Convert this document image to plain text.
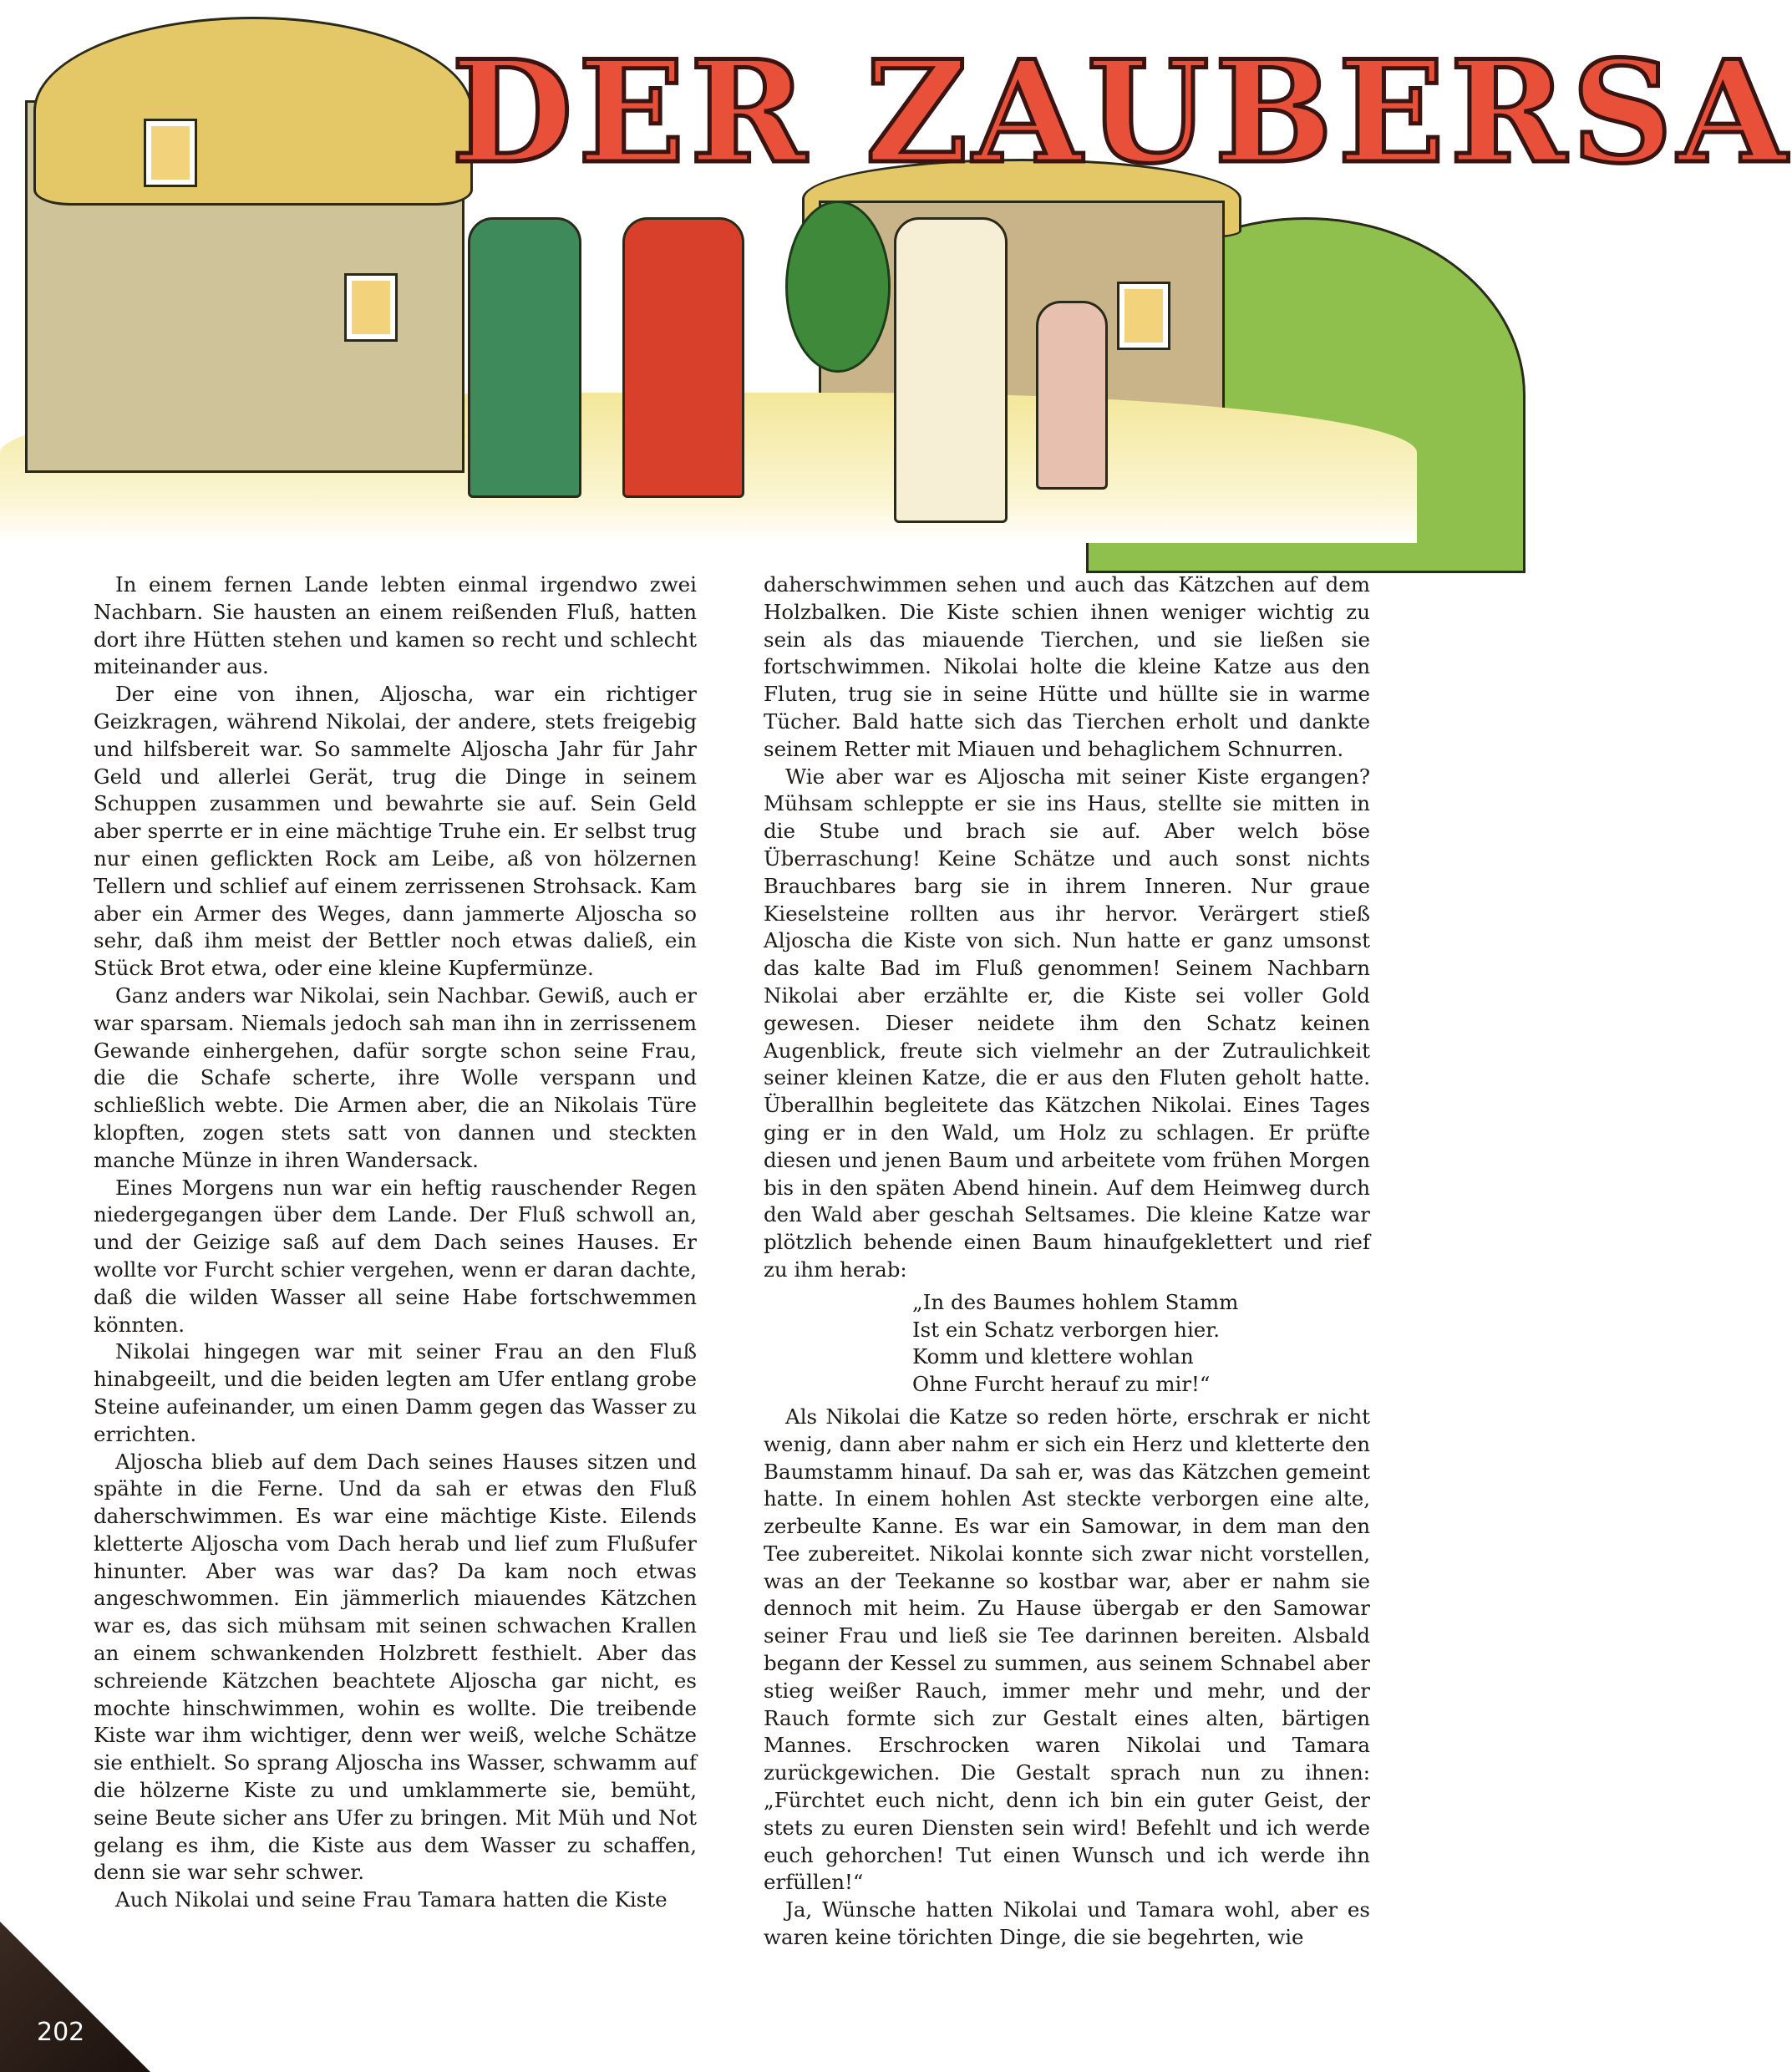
DER ZAUBERSA

In einem fernen Lande lebten einmal irgendwo zwei Nachbarn. Sie hausten an einem reißenden Fluß, hatten dort ihre Hütten stehen und kamen so recht und schlecht miteinander aus.

Der eine von ihnen, Aljoscha, war ein richtiger Geizkragen, während Nikolai, der andere, stets freigebig und hilfsbereit war. So sammelte Aljoscha Jahr für Jahr Geld und allerlei Gerät, trug die Dinge in seinem Schuppen zusammen und bewahrte sie auf. Sein Geld aber sperrte er in eine mächtige Truhe ein. Er selbst trug nur einen geflickten Rock am Leibe, aß von hölzernen Tellern und schlief auf einem zerrissenen Strohsack. Kam aber ein Armer des Weges, dann jammerte Aljoscha so sehr, daß ihm meist der Bettler noch etwas daließ, ein Stück Brot etwa, oder eine kleine Kupfermünze.

Ganz anders war Nikolai, sein Nachbar. Gewiß, auch er war sparsam. Niemals jedoch sah man ihn in zerrissenem Gewande einhergehen, dafür sorgte schon seine Frau, die die Schafe scherte, ihre Wolle verspann und schließlich webte. Die Armen aber, die an Nikolais Türe klopften, zogen stets satt von dannen und steckten manche Münze in ihren Wandersack.

Eines Morgens nun war ein heftig rauschender Regen niedergegangen über dem Lande. Der Fluß schwoll an, und der Geizige saß auf dem Dach seines Hauses. Er wollte vor Furcht schier vergehen, wenn er daran dachte, daß die wilden Wasser all seine Habe fortschwemmen könnten.

Nikolai hingegen war mit seiner Frau an den Fluß hinabgeeilt, und die beiden legten am Ufer entlang grobe Steine aufeinander, um einen Damm gegen das Wasser zu errichten.

Aljoscha blieb auf dem Dach seines Hauses sitzen und spähte in die Ferne. Und da sah er etwas den Fluß daherschwimmen. Es war eine mächtige Kiste. Eilends kletterte Aljoscha vom Dach herab und lief zum Flußufer hinunter. Aber was war das? Da kam noch etwas angeschwommen. Ein jämmerlich miauendes Kätzchen war es, das sich mühsam mit seinen schwachen Krallen an einem schwankenden Holzbrett festhielt. Aber das schreiende Kätzchen beachtete Aljoscha gar nicht, es mochte hinschwimmen, wohin es wollte. Die treibende Kiste war ihm wichtiger, denn wer weiß, welche Schätze sie enthielt. So sprang Aljoscha ins Wasser, schwamm auf die hölzerne Kiste zu und umklammerte sie, bemüht, seine Beute sicher ans Ufer zu bringen. Mit Müh und Not gelang es ihm, die Kiste aus dem Wasser zu schaffen, denn sie war sehr schwer.

Auch Nikolai und seine Frau Tamara hatten die Kiste

daherschwimmen sehen und auch das Kätzchen auf dem Holzbalken. Die Kiste schien ihnen weniger wichtig zu sein als das miauende Tierchen, und sie ließen sie fortschwimmen. Nikolai holte die kleine Katze aus den Fluten, trug sie in seine Hütte und hüllte sie in warme Tücher. Bald hatte sich das Tierchen erholt und dankte seinem Retter mit Miauen und behaglichem Schnurren.

Wie aber war es Aljoscha mit seiner Kiste ergangen? Mühsam schleppte er sie ins Haus, stellte sie mitten in die Stube und brach sie auf. Aber welch böse Überraschung! Keine Schätze und auch sonst nichts Brauchbares barg sie in ihrem Inneren. Nur graue Kieselsteine rollten aus ihr hervor. Verärgert stieß Aljoscha die Kiste von sich. Nun hatte er ganz umsonst das kalte Bad im Fluß genommen! Seinem Nachbarn Nikolai aber erzählte er, die Kiste sei voller Gold gewesen. Dieser neidete ihm den Schatz keinen Augenblick, freute sich vielmehr an der Zutraulichkeit seiner kleinen Katze, die er aus den Fluten geholt hatte. Überallhin begleitete das Kätzchen Nikolai. Eines Tages ging er in den Wald, um Holz zu schlagen. Er prüfte diesen und jenen Baum und arbeitete vom frühen Morgen bis in den späten Abend hinein. Auf dem Heimweg durch den Wald aber geschah Seltsames. Die kleine Katze war plötzlich behende einen Baum hinaufgeklettert und rief zu ihm herab:

„In des Baumes hohlem Stamm
Ist ein Schatz verborgen hier.
Komm und klettere wohlan
Ohne Furcht herauf zu mir!“

Als Nikolai die Katze so reden hörte, erschrak er nicht wenig, dann aber nahm er sich ein Herz und kletterte den Baumstamm hinauf. Da sah er, was das Kätzchen gemeint hatte. In einem hohlen Ast steckte verborgen eine alte, zerbeulte Kanne. Es war ein Samowar, in dem man den Tee zubereitet. Nikolai konnte sich zwar nicht vorstellen, was an der Teekanne so kostbar war, aber er nahm sie dennoch mit heim. Zu Hause übergab er den Samowar seiner Frau und ließ sie Tee darinnen bereiten. Alsbald begann der Kessel zu summen, aus seinem Schnabel aber stieg weißer Rauch, immer mehr und mehr, und der Rauch formte sich zur Gestalt eines alten, bärtigen Mannes. Erschrocken waren Nikolai und Tamara zurückgewichen. Die Gestalt sprach nun zu ihnen: „Fürchtet euch nicht, denn ich bin ein guter Geist, der stets zu euren Diensten sein wird! Befehlt und ich werde euch gehorchen! Tut einen Wunsch und ich werde ihn erfüllen!“

Ja, Wünsche hatten Nikolai und Tamara wohl, aber es waren keine törichten Dinge, die sie begehrten, wie

202
